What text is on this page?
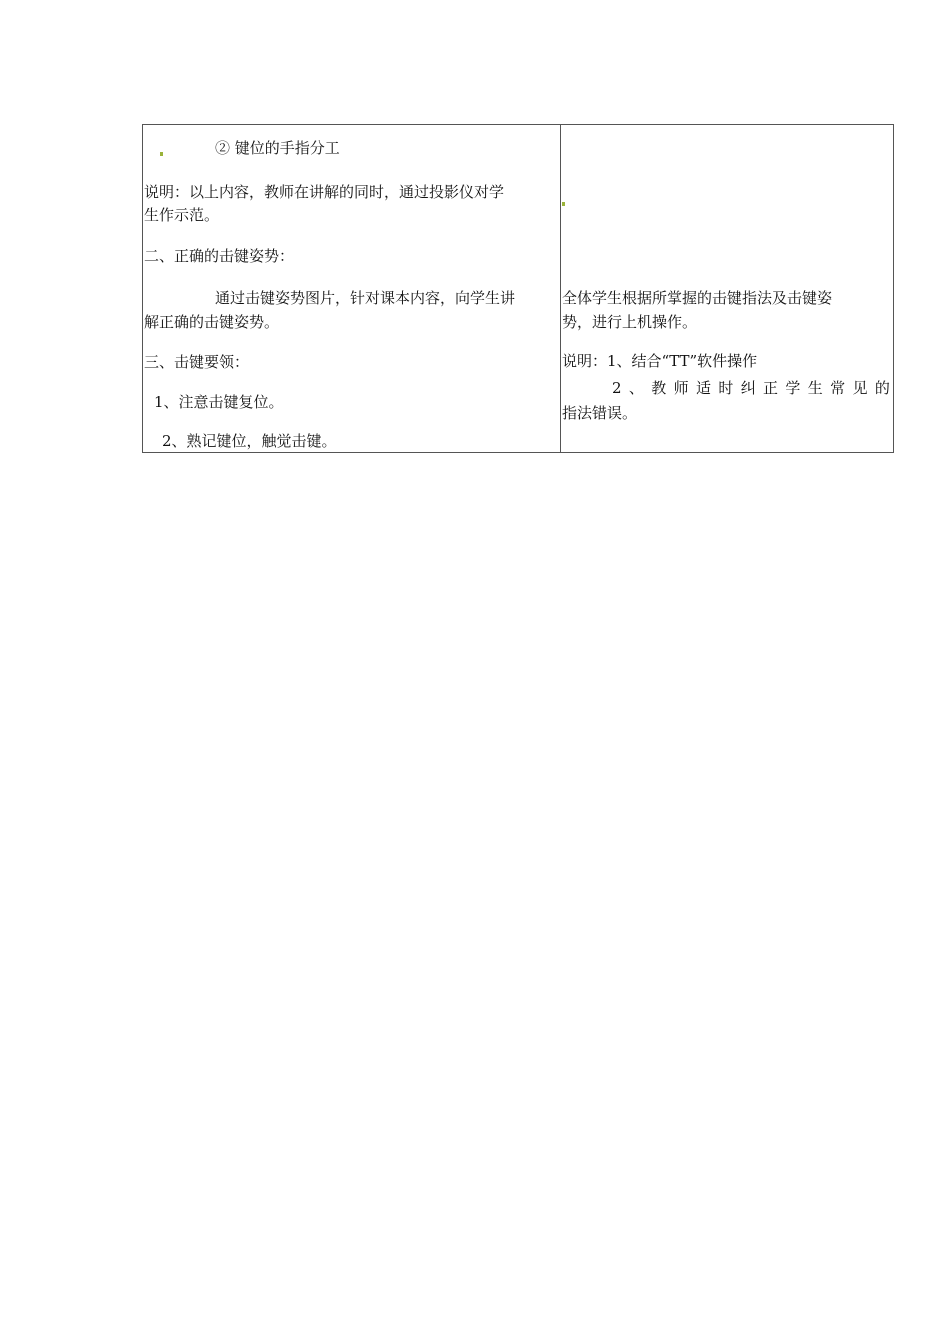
② 键位的手指分工
说明：以上内容，教师在讲解的同时，通过投影仪对学
生作示范。
二、正确的击键姿势：
通过击键姿势图片，针对课本内容，向学生讲
解正确的击键姿势。
三、击键要领：
1、注意击键复位。
2、熟记键位，触觉击键。
全体学生根据所掌握的击键指法及击键姿
势，进行上机操作。
说明：1、结合“TT”软件操作
2 、 教 师 适 时 纠 正 学 生 常 见 的
指法错误。
